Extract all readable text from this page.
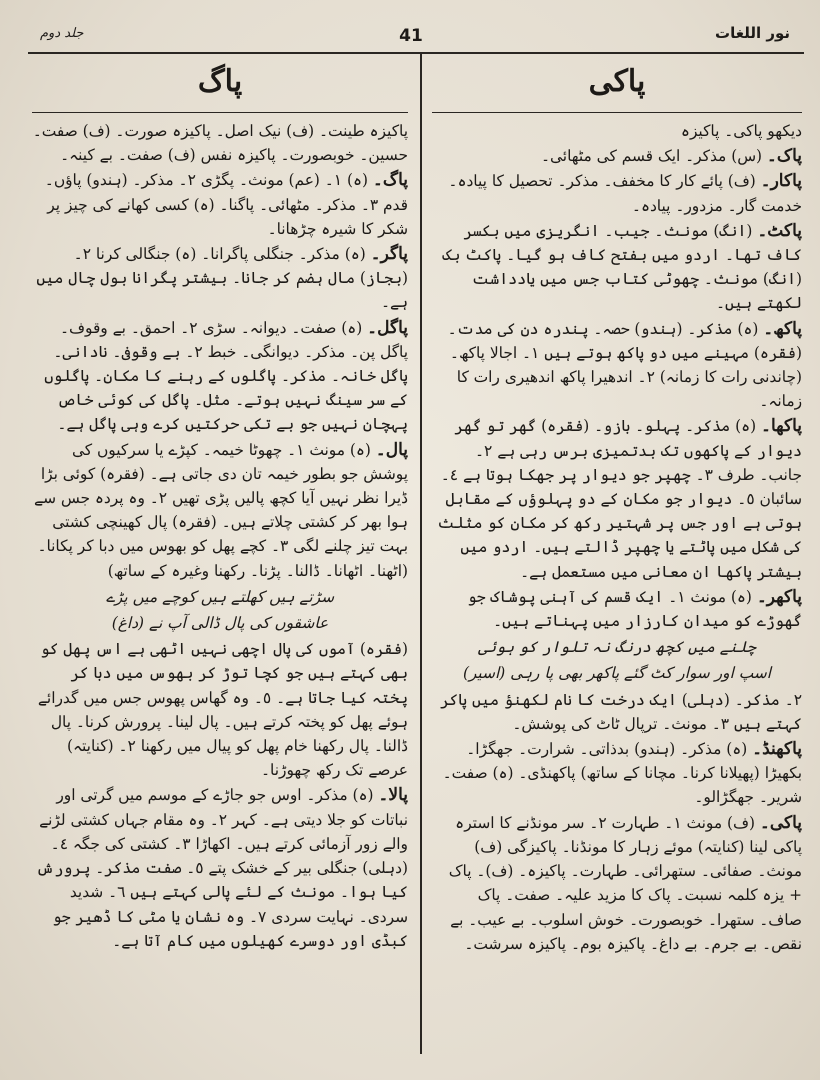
جلد دوم	41	نور اللغات
پاکی

دیکھو پاکی۔ پاکیزہ

پاک۔ (س) مذکر۔ ایک قسم کی مٹھائی۔

پاکار۔ (ف) پائے کار کا مخفف۔ مذکر۔ تحصیل کا پیادہ۔ خدمت گار۔ مزدور۔ پیادہ۔

پاکٹ۔ (انگ) مونث۔ جیب۔ انگریزی میں بکسر کاف تھا۔ اردو میں بفتح کاف ہو گیا۔ پاکٹ بک (انگ) مونث۔ چھوٹی کتاب جس میں یادداشت لکھتے ہیں۔

پاکھ۔ (ہ) مذکر۔ (ہندو) حصہ۔ پندرہ دن کی مدت۔ (فقرہ) مہینے میں دو پاکھ ہوتے ہیں ١۔ اجالا پاکھ۔ (چاندنی رات کا زمانہ) ٢۔ اندھیرا پاکھ اندھیری رات کا زمانہ۔

پاکھا۔ (ہ) مذکر۔ پہلو۔ بازو۔ (فقرہ) گھر تو گھر دیوار کے پاکھوں تک بدتمیزی برس رہی ہے ٢۔ جانب۔ طرف ٣۔ چھپر جو دیوار پر جھکا ہوتا ہے ٤۔ سائبان ٥۔ دیوار جو مکان کے دو پہلوؤں کے مقابل ہوتی ہے اور جس پر شہتیر رکھ کر مکان کو مثلث کی شکل میں پاٹتے یا چھپر ڈالتے ہیں۔ اردو میں بیشتر پاکھا ان معانی میں مستعمل ہے۔

پاکھر۔ (ہ) مونث ١۔ ایک قسم کی آہنی پوشاک جو گھوڑے کو میدان کارزار میں پہناتے ہیں۔

چلنے میں کچھ درنگ نہ تلوار کو ہوئی
اسپ اور سوار کٹ گئے پاکھر بھی پا رہی (اسیر)

٢۔ مذکر۔ (دہلی) ایک درخت کا نام لکھنؤ میں پاکر کہتے ہیں ٣۔ مونث۔ ترپال ٹاٹ کی پوشش۔

پاکھنڈ۔ (ہ) مذکر۔ (ہندو) بدذاتی۔ شرارت۔ جھگڑا۔ بکھیڑا (پھیلانا کرنا۔ مچانا کے ساتھ) پاکھنڈی۔ (ہ) صفت۔ شریر۔ جھگڑالو۔

پاکی۔ (ف) مونث ١۔ طہارت ٢۔ سر مونڈنے کا استرہ پاکی لینا (کنایتہ) موئے زہار کا مونڈنا۔ پاکیزگی (ف) مونث۔ صفائی۔ ستھرائی۔ طہارت۔ پاکیزہ۔ (ف)۔ پاک + یزہ کلمہ نسبت۔ پاک کا مزید علیہ۔ صفت۔ پاک صاف۔ ستھرا۔ خوبصورت۔ خوش اسلوب۔ بے عیب۔ بے نقص۔ بے جرم۔ بے داغ۔ پاکیزہ بوم۔ پاکیزہ سرشت۔

پاگ

پاکیزہ طینت۔ (ف) نیک اصل۔ پاکیزہ صورت۔ (ف) صفت۔ حسین۔ خوبصورت۔ پاکیزہ نفس (ف) صفت۔ بے کینہ۔

پاگ۔ (ہ) ١۔ (عم) مونث۔ پگڑی ٢۔ مذکر۔ (ہندو) پاؤں۔ قدم ٣۔ مذکر۔ مٹھائی۔ پاگنا۔ (ہ) کسی کھانے کی چیز پر شکر کا شیرہ چڑھانا۔

پاگر۔ (ہ) مذکر۔ جنگلی پاگرانا۔ (ہ) جنگالی کرنا ٢۔ (بجاز) مال ہضم کر جانا۔ بیشتر پگرانا بول چال میں ہے۔

پاگل۔ (ہ) صفت۔ دیوانہ۔ سڑی ٢۔ احمق۔ بے وقوف۔ پاگل پن۔ مذکر۔ دیوانگی۔ خبط ٢۔ بے وقوفی۔ نادانی۔ پاگل خانہ۔ مذکر۔ پاگلوں کے رہنے کا مکان۔ پاگلوں کے سر سینگ نہیں ہوتے۔ مثل۔ پاگل کی کوئی خاص پہچان نہیں جو بے تکی حرکتیں کرے وہی پاگل ہے۔

پال۔ (ہ) مونث ١۔ چھوٹا خیمہ۔ کپڑے یا سرکیوں کی پوشش جو بطور خیمہ تان دی جاتی ہے۔ (فقرہ) کوئی بڑا ڈیرا نظر نہیں آیا کچھ پالیں پڑی تھیں ٢۔ وہ پردہ جس سے ہوا بھر کر کشتی چلاتے ہیں۔ (فقرہ) پال کھینچی کشتی بہت تیز چلنے لگی ٣۔ کچے پھل کو بھوس میں دبا کر پکانا۔ (اٹھنا۔ اٹھانا۔ ڈالنا۔ پڑنا۔ رکھنا وغیرہ کے ساتھ)

سڑتے ہیں کھلتے ہیں کوچے میں پڑے
عاشقوں کی پال ڈالی آپ نے (داغ)

(فقرہ) آموں کی پال اچھی نہیں اٹھی ہے اس پھل کو بھی کہتے ہیں جو کچا توڑ کر بھوس میں دبا کر پختہ کیا جاتا ہے۔ ٥۔ وہ گھاس پھوس جس میں گدرائے ہوئے پھل کو پختہ کرتے ہیں۔ پال لینا۔ پرورش کرنا۔ پال ڈالنا۔ پال رکھنا خام پھل کو پیال میں رکھنا ٢۔ (کنایتہ) عرصے تک رکھ چھوڑنا۔

پالا۔ (ہ) مذکر۔ اوس جو جاڑے کے موسم میں گرتی اور نباتات کو جلا دیتی ہے۔ کہر ٢۔ وہ مقام جہاں کشتی لڑنے والے زور آزمائی کرتے ہیں۔ اکھاڑا ٣۔ کشتی کی جگہ ٤۔ (دہلی) جنگلی بیر کے خشک پتے ٥۔ صفت مذکر۔ پرورش کیا ہوا۔ مونث کے لئے پالی کہتے ہیں ٦۔ شدید سردی۔ نہایت سردی ٧۔ وہ نشان یا مٹی کا ڈھیر جو کبڈی اور دوسرے کھیلوں میں کام آتا ہے۔
